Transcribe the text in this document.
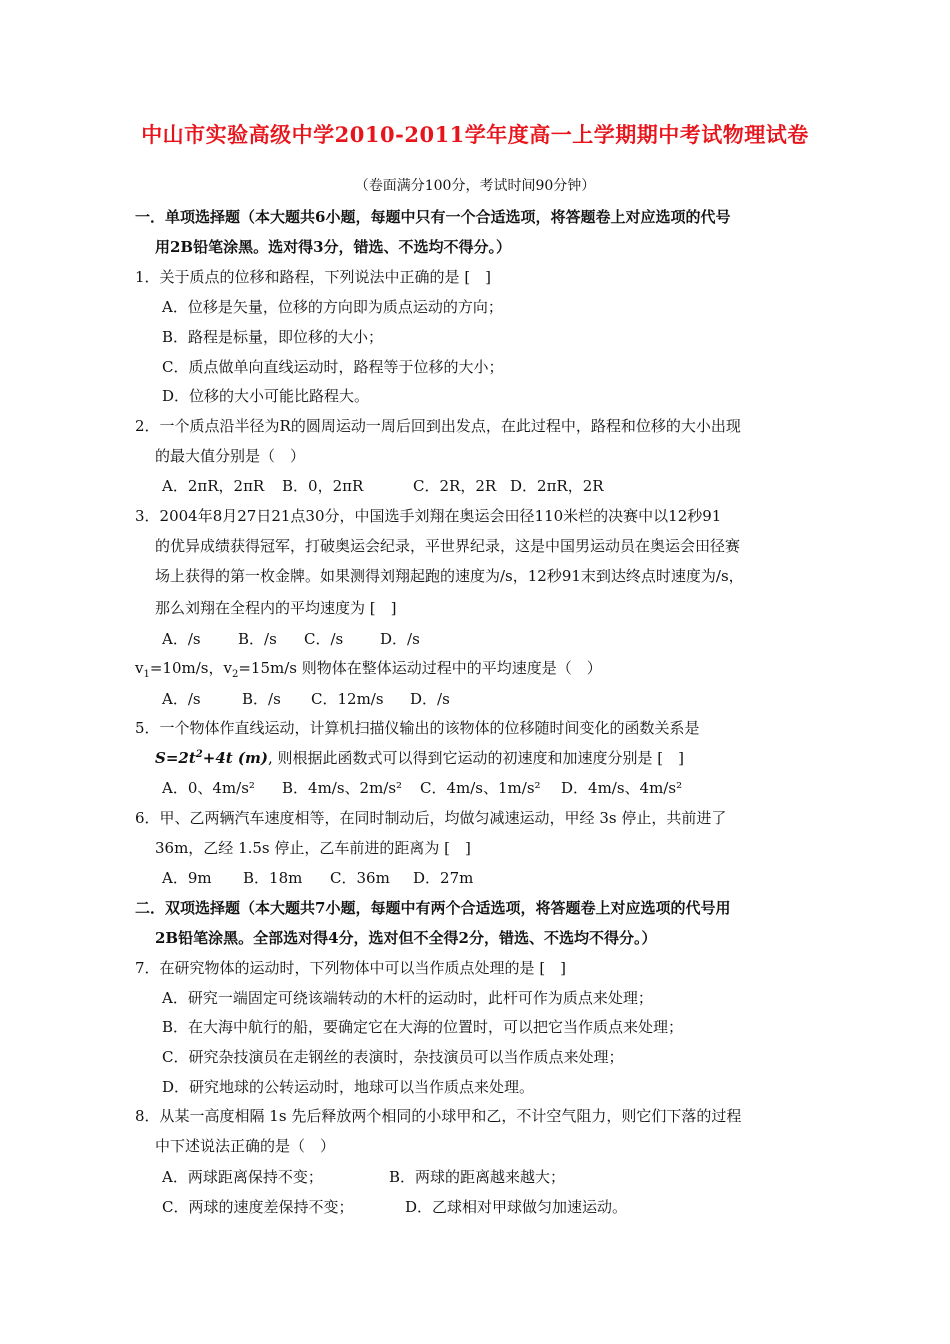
中山市实验高级中学2010-2011学年度高一上学期期中考试物理试卷
（卷面满分100分，考试时间90分钟）
一．单项选择题（本大题共6小题，每题中只有一个合适选项，将答题卷上对应选项的代号
用2B铅笔涂黑。选对得3分，错选、不选均不得分。）
1．关于质点的位移和路程，下列说法中正确的是 [　]
A．位移是矢量，位移的方向即为质点运动的方向；
B．路程是标量，即位移的大小；
C．质点做单向直线运动时，路程等于位移的大小；
D．位移的大小可能比路程大。
2．一个质点沿半径为R的圆周运动一周后回到出发点，在此过程中，路程和位移的大小出现
的最大值分别是（　）
A．2πR，2πR B．0，2πR	C．2R，2R D．2πR，2R
3．2004年8月27日21点30分，中国选手刘翔在奥运会田径110米栏的决赛中以12秒91
的优异成绩获得冠军，打破奥运会纪录，平世界纪录，这是中国男运动员在奥运会田径赛
场上获得的第一枚金牌。如果测得刘翔起跑的速度为/s，12秒91末到达终点时速度为/s，
那么刘翔在全程内的平均速度为 [　]
A．/s B．/s C．/s D．/s
$v_1=10m/s$，$v_2=15m/s$ 则物体在整体运动过程中的平均速度是（　）
A．/s	B．/s C．12m/s D．/s
5．一个物体作直线运动，计算机扫描仪输出的该物体的位移随时间变化的函数关系是
$S=2t^2+4t$ (m), 则根据此函数式可以得到它运动的初速度和加速度分别是 [　]
A．0、4m/s² B．4m/s、2m/s² C．4m/s、1m/s² D．4m/s、4m/s²
6．甲、乙两辆汽车速度相等，在同时制动后，均做匀减速运动，甲经 3s 停止，共前进了
36m，乙经 1.5s 停止，乙车前进的距离为 [　]
A．9m B．18m C．36m D．27m
二．双项选择题（本大题共7小题，每题中有两个合适选项，将答题卷上对应选项的代号用
2B铅笔涂黑。全部选对得4分，选对但不全得2分，错选、不选均不得分。）
7．在研究物体的运动时，下列物体中可以当作质点处理的是 [　]
A．研究一端固定可绕该端转动的木杆的运动时，此杆可作为质点来处理；
B．在大海中航行的船，要确定它在大海的位置时，可以把它当作质点来处理；
C．研究杂技演员在走钢丝的表演时，杂技演员可以当作质点来处理；
D．研究地球的公转运动时，地球可以当作质点来处理。
8．从某一高度相隔 1s 先后释放两个相同的小球甲和乙，不计空气阻力，则它们下落的过程
中下述说法正确的是（　）
A．两球距离保持不变；	B．两球的距离越来越大；
C．两球的速度差保持不变；	D．乙球相对甲球做匀加速运动。
